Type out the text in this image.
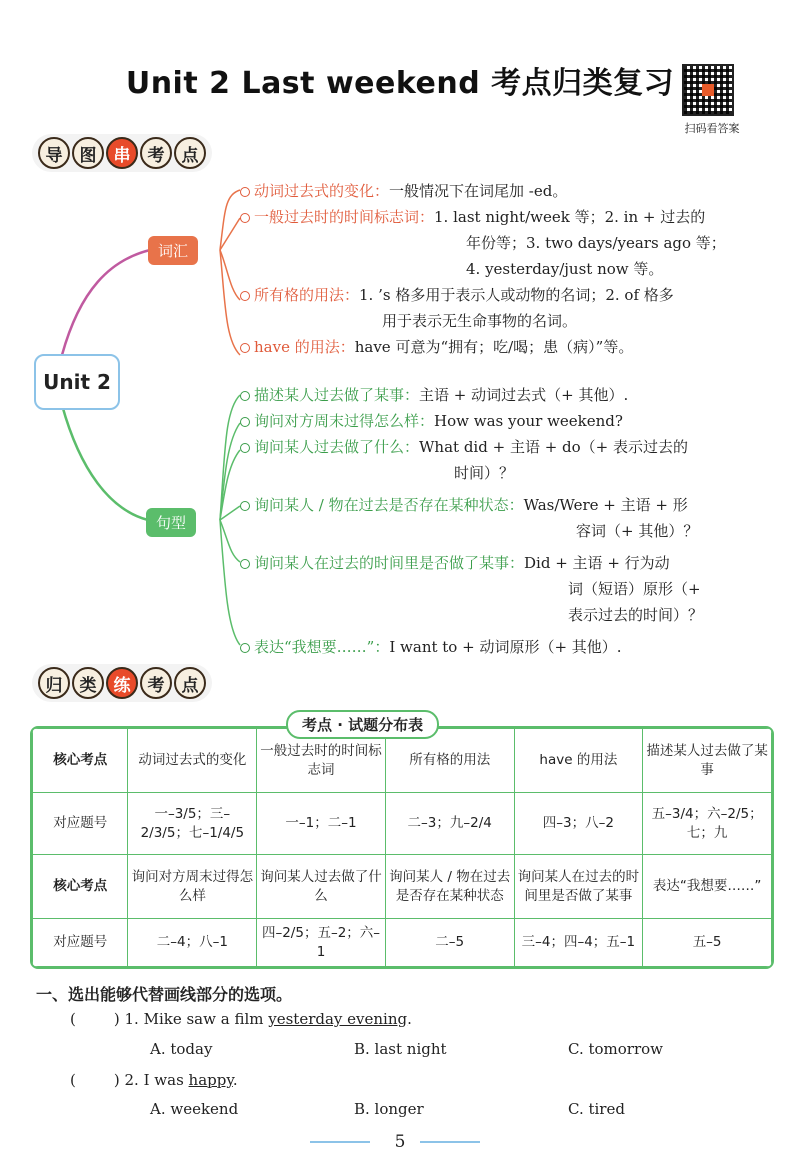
Unit 2 Last weekend 考点归类复习
扫码看答案
导	图	串	考	点
Unit 2
词汇
句型
动词过去式的变化：一般情况下在词尾加 -ed。
一般过去时的时间标志词：1. last night/week 等；2. in + 过去的
年份等；3. two days/years ago 等；
4. yesterday/just now 等。
所有格的用法：1. ’s 格多用于表示人或动物的名词；2. of 格多
用于表示无生命事物的名词。
have 的用法：have 可意为“拥有；吃/喝；患（病）”等。
描述某人过去做了某事：主语 + 动词过去式（+ 其他）.
询问对方周末过得怎么样：How was your weekend?
询问某人过去做了什么：What did + 主语 + do（+ 表示过去的
时间）？
询问某人 / 物在过去是否存在某种状态：Was/Were + 主语 + 形
容词（+ 其他）？
询问某人在过去的时间里是否做了某事：Did + 主语 + 行为动
词（短语）原形（+
表示过去的时间）？
表达“我想要……”：I want to + 动词原形（+ 其他）.
归	类	练	考	点
核心考点	动词过去式的变化	一般过去时的时间标志词	所有格的用法	have 的用法	描述某人过去做了某事
对应题号	一–3/5；三–2/3/5；七–1/4/5	一–1；二–1	二–3；九–2/4	四–3；八–2	五–3/4；六–2/5；七；九
核心考点	询问对方周末过得怎么样	询问某人过去做了什么	询问某人 / 物在过去是否存在某种状态	询问某人在过去的时间里是否做了某事	表达“我想要……”
对应题号	二–4；八–1	四–2/5；五–2；六–1	二–5	三–4；四–4；五–1	五–5
考点 · 试题分布表
一、选出能够代替画线部分的选项。
(	) 1. Mike saw a film yesterday evening.
A. today	B. last night	C. tomorrow
(	) 2. I was happy.
A. weekend	B. longer	C. tired
5
